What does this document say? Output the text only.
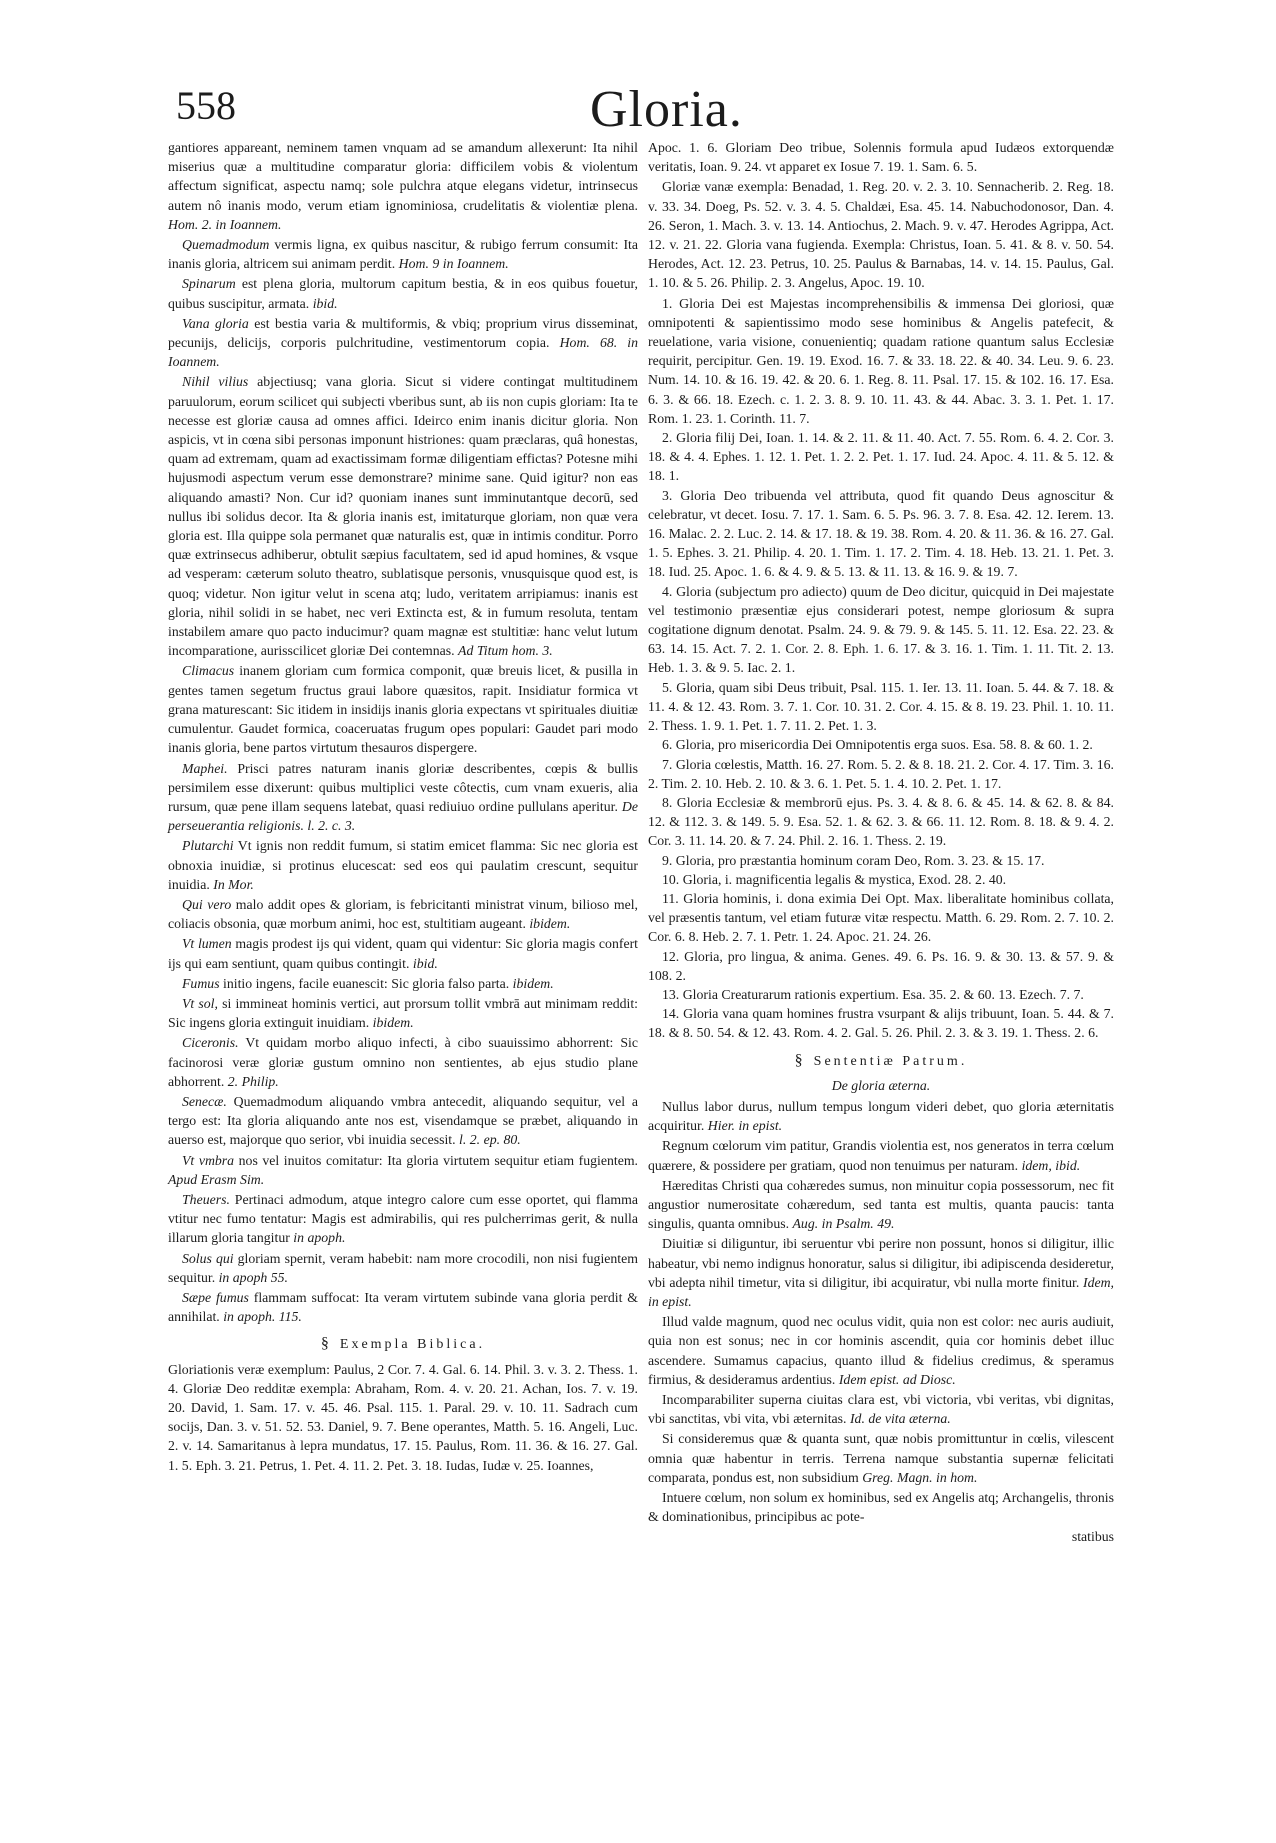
558	Gloria.

gantiores appareant, neminem tamen vnquam ad se amandum allexerunt: Ita nihil miserius quæ a multitudine comparatur gloria: difficilem vobis & violentum affectum significat, aspectu namq; sole pulchra atque elegans videtur, intrinsecus autem nô inanis modo, verum etiam ignominiosa, crudelitatis & violentiæ plena. Hom. 2. in Ioannem.

Quemadmodum vermis ligna, ex quibus nascitur, & rubigo ferrum consumit: Ita inanis gloria, altricem sui animam perdit. Hom. 9 in Ioannem.

Spinarum est plena gloria, multorum capitum bestia, & in eos quibus fouetur, quibus suscipitur, armata. ibid.

Vana gloria est bestia varia & multiformis, & vbiq; proprium virus disseminat, pecunijs, delicijs, corporis pulchritudine, vestimentorum copia. Hom. 68. in Ioannem.

Nihil vilius abjectiusq; vana gloria. Sicut si videre contingat multitudinem paruulorum, eorum scilicet qui subjecti vberibus sunt, ab iis non cupis gloriam: Ita te necesse est gloriæ causa ad omnes affici. Ideirco enim inanis dicitur gloria. Non aspicis, vt in cœna sibi personas imponunt histriones: quam præclaras, quâ honestas, quam ad extremam, quam ad exactissimam formæ diligentiam effictas? Potesne mihi hujusmodi aspectum verum esse demonstrare? minime sane. Quid igitur? non eas aliquando amasti? Non. Cur id? quoniam inanes sunt imminutantque decorū, sed nullus ibi solidus decor. Ita & gloria inanis est, imitaturque gloriam, non quæ vera gloria est. Illa quippe sola permanet quæ naturalis est, quæ in intimis conditur. Porro quæ extrinsecus adhiberur, obtulit sæpius facultatem, sed id apud homines, & vsque ad vesperam: cæterum soluto theatro, sublatisque personis, vnusquisque quod est, is quoq; videtur. Non igitur velut in scena atq; ludo, veritatem arripiamus: inanis est gloria, nihil solidi in se habet, nec veri Extincta est, & in fumum resoluta, tentam instabilem amare quo pacto inducimur? quam magnæ est stultitiæ: hanc velut lutum incomparatione, aurisscilicet gloriæ Dei contemnas. Ad Titum hom. 3.

Climacus inanem gloriam cum formica componit, quæ breuis licet, & pusilla in gentes tamen segetum fructus graui labore quæsitos, rapit. Insidiatur formica vt grana maturescant: Sic itidem in insidijs inanis gloria expectans vt spirituales diuitiæ cumulentur. Gaudet formica, coaceruatas frugum opes populari: Gaudet pari modo inanis gloria, bene partos virtutum thesauros dispergere.

Maphei. Prisci patres naturam inanis gloriæ describentes, cœpis & bullis persimilem esse dixerunt: quibus multiplici veste côtectis, cum vnam exueris, alia rursum, quæ pene illam sequens latebat, quasi rediuiuo ordine pullulans aperitur. De perseuerantia religionis. l. 2. c. 3.

Plutarchi Vt ignis non reddit fumum, si statim emicet flamma: Sic nec gloria est obnoxia inuidiæ, si protinus elucescat: sed eos qui paulatim crescunt, sequitur inuidia. In Mor.

Qui vero malo addit opes & gloriam, is febricitanti ministrat vinum, bilioso mel, coliacis obsonia, quæ morbum animi, hoc est, stultitiam augeant. ibidem.

Vt lumen magis prodest ijs qui vident, quam qui videntur: Sic gloria magis confert ijs qui eam sentiunt, quam quibus contingit. ibid.

Fumus initio ingens, facile euanescit: Sic gloria falso parta. ibidem.

Vt sol, si immineat hominis vertici, aut prorsum tollit vmbrā aut minimam reddit: Sic ingens gloria extinguit inuidiam. ibidem.

Ciceronis. Vt quidam morbo aliquo infecti, à cibo suauissimo abhorrent: Sic facinorosi veræ gloriæ gustum omnino non sentientes, ab ejus studio plane abhorrent. 2. Philip.

Senecæ. Quemadmodum aliquando vmbra antecedit, aliquando sequitur, vel a tergo est: Ita gloria aliquando ante nos est, visendamque se præbet, aliquando in auerso est, majorque quo serior, vbi inuidia secessit. l. 2. ep. 80.

Vt vmbra nos vel inuitos comitatur: Ita gloria virtutem sequitur etiam fugientem. Apud Erasm Sim.

Theuers. Pertinaci admodum, atque integro calore cum esse oportet, qui flamma vtitur nec fumo tentatur: Magis est admirabilis, qui res pulcherrimas gerit, & nulla illarum gloria tangitur in apoph.

Solus qui gloriam spernit, veram habebit: nam more crocodili, non nisi fugientem sequitur. in apoph 55.

Sæpe fumus flammam suffocat: Ita veram virtutem subinde vana gloria perdit & annihilat. in apoph. 115.

§ Exempla Biblica.

Gloriationis veræ exemplum: Paulus, 2 Cor. 7. 4. Gal. 6. 14. Phil. 3. v. 3. 2. Thess. 1. 4. Gloriæ Deo redditæ exempla: Abraham, Rom. 4. v. 20. 21. Achan, Ios. 7. v. 19. 20. David, 1. Sam. 17. v. 45. 46. Psal. 115. 1. Paral. 29. v. 10. 11. Sadrach cum socijs, Dan. 3. v. 51. 52. 53. Daniel, 9. 7. Bene operantes, Matth. 5. 16. Angeli, Luc. 2. v. 14. Samaritanus à lepra mundatus, 17. 15. Paulus, Rom. 11. 36. & 16. 27. Gal. 1. 5. Eph. 3. 21. Petrus, 1. Pet. 4. 11. 2. Pet. 3. 18. Iudas, Iudæ v. 25. Ioannes,

Apoc. 1. 6. Gloriam Deo tribue, Solennis formula apud Iudæos extorquendæ veritatis, Ioan. 9. 24. vt apparet ex Iosue 7. 19. 1. Sam. 6. 5.

Gloriæ vanæ exempla: Benadad, 1. Reg. 20. v. 2. 3. 10. Sennacherib. 2. Reg. 18. v. 33. 34. Doeg, Ps. 52. v. 3. 4. 5. Chaldæi, Esa. 45. 14. Nabuchodonosor, Dan. 4. 26. Seron, 1. Mach. 3. v. 13. 14. Antiochus, 2. Mach. 9. v. 47. Herodes Agrippa, Act. 12. v. 21. 22. Gloria vana fugienda. Exempla: Christus, Ioan. 5. 41. & 8. v. 50. 54. Herodes, Act. 12. 23. Petrus, 10. 25. Paulus & Barnabas, 14. v. 14. 15. Paulus, Gal. 1. 10. & 5. 26. Philip. 2. 3. Angelus, Apoc. 19. 10.

1. Gloria Dei est Majestas incomprehensibilis & immensa Dei gloriosi, quæ omnipotenti & sapientissimo modo sese hominibus & Angelis patefecit, & reuelatione, varia visione, conuenientiq; quadam ratione quantum salus Ecclesiæ requirit, percipitur. Gen. 19. 19. Exod. 16. 7. & 33. 18. 22. & 40. 34. Leu. 9. 6. 23. Num. 14. 10. & 16. 19. 42. & 20. 6. 1. Reg. 8. 11. Psal. 17. 15. & 102. 16. 17. Esa. 6. 3. & 66. 18. Ezech. c. 1. 2. 3. 8. 9. 10. 11. 43. & 44. Abac. 3. 3. 1. Pet. 1. 17. Rom. 1. 23. 1. Corinth. 11. 7.

2. Gloria filij Dei, Ioan. 1. 14. & 2. 11. & 11. 40. Act. 7. 55. Rom. 6. 4. 2. Cor. 3. 18. & 4. 4. Ephes. 1. 12. 1. Pet. 1. 2. 2. Pet. 1. 17. Iud. 24. Apoc. 4. 11. & 5. 12. & 18. 1.

3. Gloria Deo tribuenda vel attributa, quod fit quando Deus agnoscitur & celebratur, vt decet. Iosu. 7. 17. 1. Sam. 6. 5. Ps. 96. 3. 7. 8. Esa. 42. 12. Ierem. 13. 16. Malac. 2. 2. Luc. 2. 14. & 17. 18. & 19. 38. Rom. 4. 20. & 11. 36. & 16. 27. Gal. 1. 5. Ephes. 3. 21. Philip. 4. 20. 1. Tim. 1. 17. 2. Tim. 4. 18. Heb. 13. 21. 1. Pet. 3. 18. Iud. 25. Apoc. 1. 6. & 4. 9. & 5. 13. & 11. 13. & 16. 9. & 19. 7.

4. Gloria (subjectum pro adiecto) quum de Deo dicitur, quicquid in Dei majestate vel testimonio præsentiæ ejus considerari potest, nempe gloriosum & supra cogitatione dignum denotat. Psalm. 24. 9. & 79. 9. & 145. 5. 11. 12. Esa. 22. 23. & 63. 14. 15. Act. 7. 2. 1. Cor. 2. 8. Eph. 1. 6. 17. & 3. 16. 1. Tim. 1. 11. Tit. 2. 13. Heb. 1. 3. & 9. 5. Iac. 2. 1.

5. Gloria, quam sibi Deus tribuit, Psal. 115. 1. Ier. 13. 11. Ioan. 5. 44. & 7. 18. & 11. 4. & 12. 43. Rom. 3. 7. 1. Cor. 10. 31. 2. Cor. 4. 15. & 8. 19. 23. Phil. 1. 10. 11. 2. Thess. 1. 9. 1. Pet. 1. 7. 11. 2. Pet. 1. 3.

6. Gloria, pro misericordia Dei Omnipotentis erga suos. Esa. 58. 8. & 60. 1. 2.

7. Gloria cœlestis, Matth. 16. 27. Rom. 5. 2. & 8. 18. 21. 2. Cor. 4. 17. Tim. 3. 16. 2. Tim. 2. 10. Heb. 2. 10. & 3. 6. 1. Pet. 5. 1. 4. 10. 2. Pet. 1. 17.

8. Gloria Ecclesiæ & membrorū ejus. Ps. 3. 4. & 8. 6. & 45. 14. & 62. 8. & 84. 12. & 112. 3. & 149. 5. 9. Esa. 52. 1. & 62. 3. & 66. 11. 12. Rom. 8. 18. & 9. 4. 2. Cor. 3. 11. 14. 20. & 7. 24. Phil. 2. 16. 1. Thess. 2. 19.

9. Gloria, pro præstantia hominum coram Deo, Rom. 3. 23. & 15. 17.

10. Gloria, i. magnificentia legalis & mystica, Exod. 28. 2. 40.

11. Gloria hominis, i. dona eximia Dei Opt. Max. liberalitate hominibus collata, vel præsentis tantum, vel etiam futuræ vitæ respectu. Matth. 6. 29. Rom. 2. 7. 10. 2. Cor. 6. 8. Heb. 2. 7. 1. Petr. 1. 24. Apoc. 21. 24. 26.

12. Gloria, pro lingua, & anima. Genes. 49. 6. Ps. 16. 9. & 30. 13. & 57. 9. & 108. 2.

13. Gloria Creaturarum rationis expertium. Esa. 35. 2. & 60. 13. Ezech. 7. 7.

14. Gloria vana quam homines frustra vsurpant & alijs tribuunt, Ioan. 5. 44. & 7. 18. & 8. 50. 54. & 12. 43. Rom. 4. 2. Gal. 5. 26. Phil. 2. 3. & 3. 19. 1. Thess. 2. 6.

§ Sententiæ Patrum.
De gloria æterna.

Nullus labor durus, nullum tempus longum videri debet, quo gloria æternitatis acquiritur. Hier. in epist.

Regnum cœlorum vim patitur, Grandis violentia est, nos generatos in terra cœlum quærere, & possidere per gratiam, quod non tenuimus per naturam. idem, ibid.

Hæreditas Christi qua cohæredes sumus, non minuitur copia possessorum, nec fit angustior numerositate cohæredum, sed tanta est multis, quanta paucis: tanta singulis, quanta omnibus. Aug. in Psalm. 49.

Diuitiæ si diliguntur, ibi seruentur vbi perire non possunt, honos si diligitur, illic habeatur, vbi nemo indignus honoratur, salus si diligitur, ibi adipiscenda desideretur, vbi adepta nihil timetur, vita si diligitur, ibi acquiratur, vbi nulla morte finitur. Idem, in epist.

Illud valde magnum, quod nec oculus vidit, quia non est color: nec auris audiuit, quia non est sonus; nec in cor hominis ascendit, quia cor hominis debet illuc ascendere. Sumamus capacius, quanto illud & fidelius credimus, & speramus firmius, & desideramus ardentius. Idem epist. ad Diosc.

Incomparabiliter superna ciuitas clara est, vbi victoria, vbi veritas, vbi dignitas, vbi sanctitas, vbi vita, vbi æternitas. Id. de vita æterna.

Si consideremus quæ & quanta sunt, quæ nobis promittuntur in cœlis, vilescent omnia quæ habentur in terris. Terrena namque substantia supernæ felicitati comparata, pondus est, non subsidium Greg. Magn. in hom.

Intuere cœlum, non solum ex hominibus, sed ex Angelis atq; Archangelis, thronis & dominationibus, principibus ac pote-

statibus
